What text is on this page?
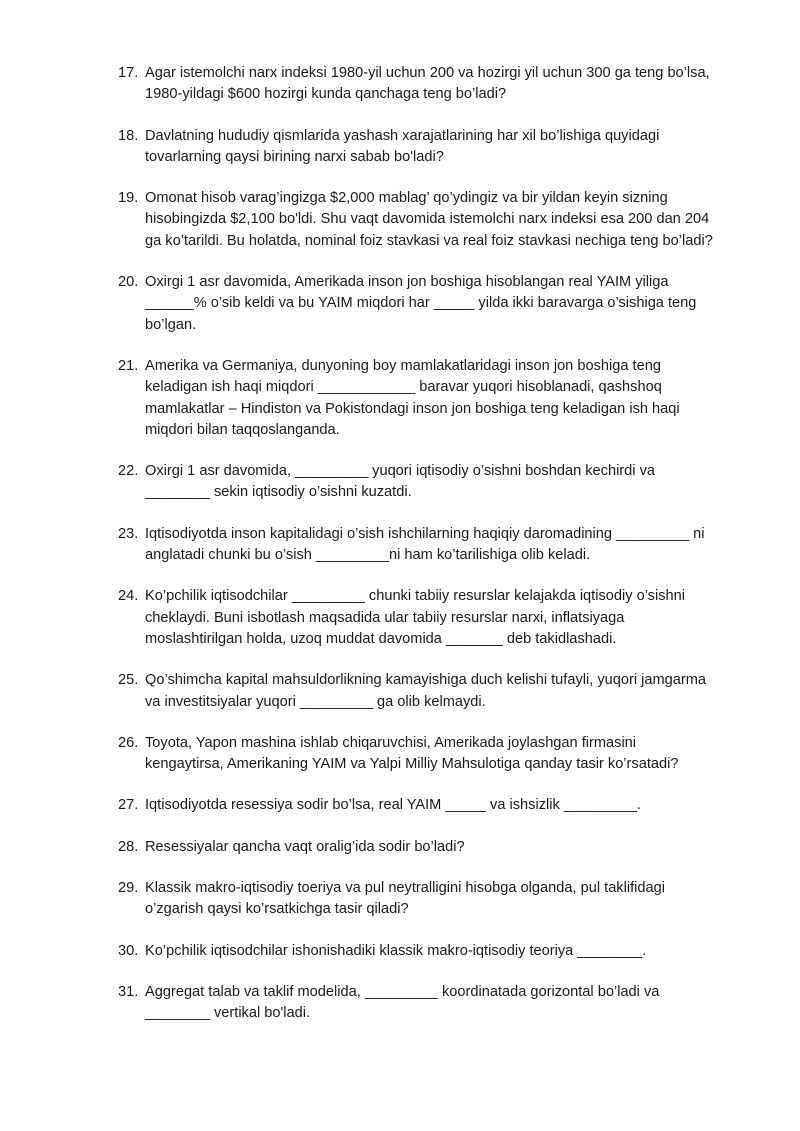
17. Agar istemolchi narx indeksi 1980-yil uchun 200 va hozirgi yil uchun 300 ga teng bo’lsa, 1980-yildagi $600 hozirgi kunda qanchaga teng bo’ladi?
18. Davlatning hududiy qismlarida yashash xarajatlarining har xil bo’lishiga quyidagi tovarlarning qaysi birining narxi sabab bo'ladi?
19. Omonat hisob varag’ingizga $2,000 mablag’ qo’ydingiz va bir yildan keyin sizning hisobingizda $2,100 bo'ldi. Shu vaqt davomida istemolchi narx indeksi esa 200 dan 204 ga ko’tarildi. Bu holatda, nominal foiz stavkasi va real foiz stavkasi nechiga teng bo’ladi?
20. Oxirgi 1 asr davomida, Amerikada inson jon boshiga hisoblangan real YAIM yiliga ______% o’sib keldi va bu YAIM miqdori har _____ yilda ikki baravarga o’sishiga teng bo’lgan.
21. Amerika va Germaniya, dunyoning boy mamlakatlaridagi inson jon boshiga teng keladigan ish haqi miqdori ____________ baravar yuqori hisoblanadi, qashshoq mamlakatlar – Hindiston va Pokistondagi inson jon boshiga teng keladigan ish haqi miqdori bilan taqqoslanganda.
22. Oxirgi 1 asr davomida, _________ yuqori iqtisodiy o’sishni boshdan kechirdi va ________ sekin iqtisodiy o’sishni kuzatdi.
23. Iqtisodiyotda inson kapitalidagi o’sish ishchilarning haqiqiy daromadining _________ ni anglatadi chunki bu o’sish _________ni ham ko’tarilishiga olib keladi.
24. Ko’pchilik iqtisodchilar _________ chunki tabiiy resurslar kelajakda iqtisodiy o’sishni cheklaydi. Buni isbotlash maqsadida ular tabiiy resurslar narxi, inflatsiyaga moslashtirilgan holda, uzoq muddat davomida _______ deb takidlashadi.
25. Qo’shimcha kapital mahsuldorlikning kamayishiga duch kelishi tufayli, yuqori jamgarma va investitsiyalar yuqori _________ ga olib kelmaydi.
26. Toyota, Yapon mashina ishlab chiqaruvchisi, Amerikada joylashgan firmasini kengaytirsa, Amerikaning YAIM va Yalpi Milliy Mahsulotiga qanday tasir ko’rsatadi?
27. Iqtisodiyotda resessiya sodir bo’lsa, real YAIM _____ va ishsizlik _________.
28. Resessiyalar qancha vaqt oralig’ida sodir bo’ladi?
29. Klassik makro-iqtisodiy toeriya va pul neytralligini hisobga olganda, pul taklifidagi o’zgarish qaysi ko’rsatkichga tasir qiladi?
30. Ko’pchilik iqtisodchilar ishonishadiki klassik makro-iqtisodiy teoriya ________.
31. Aggregat talab va taklif modelida, _________ koordinatada gorizontal bo’ladi va ________ vertikal bo'ladi.
